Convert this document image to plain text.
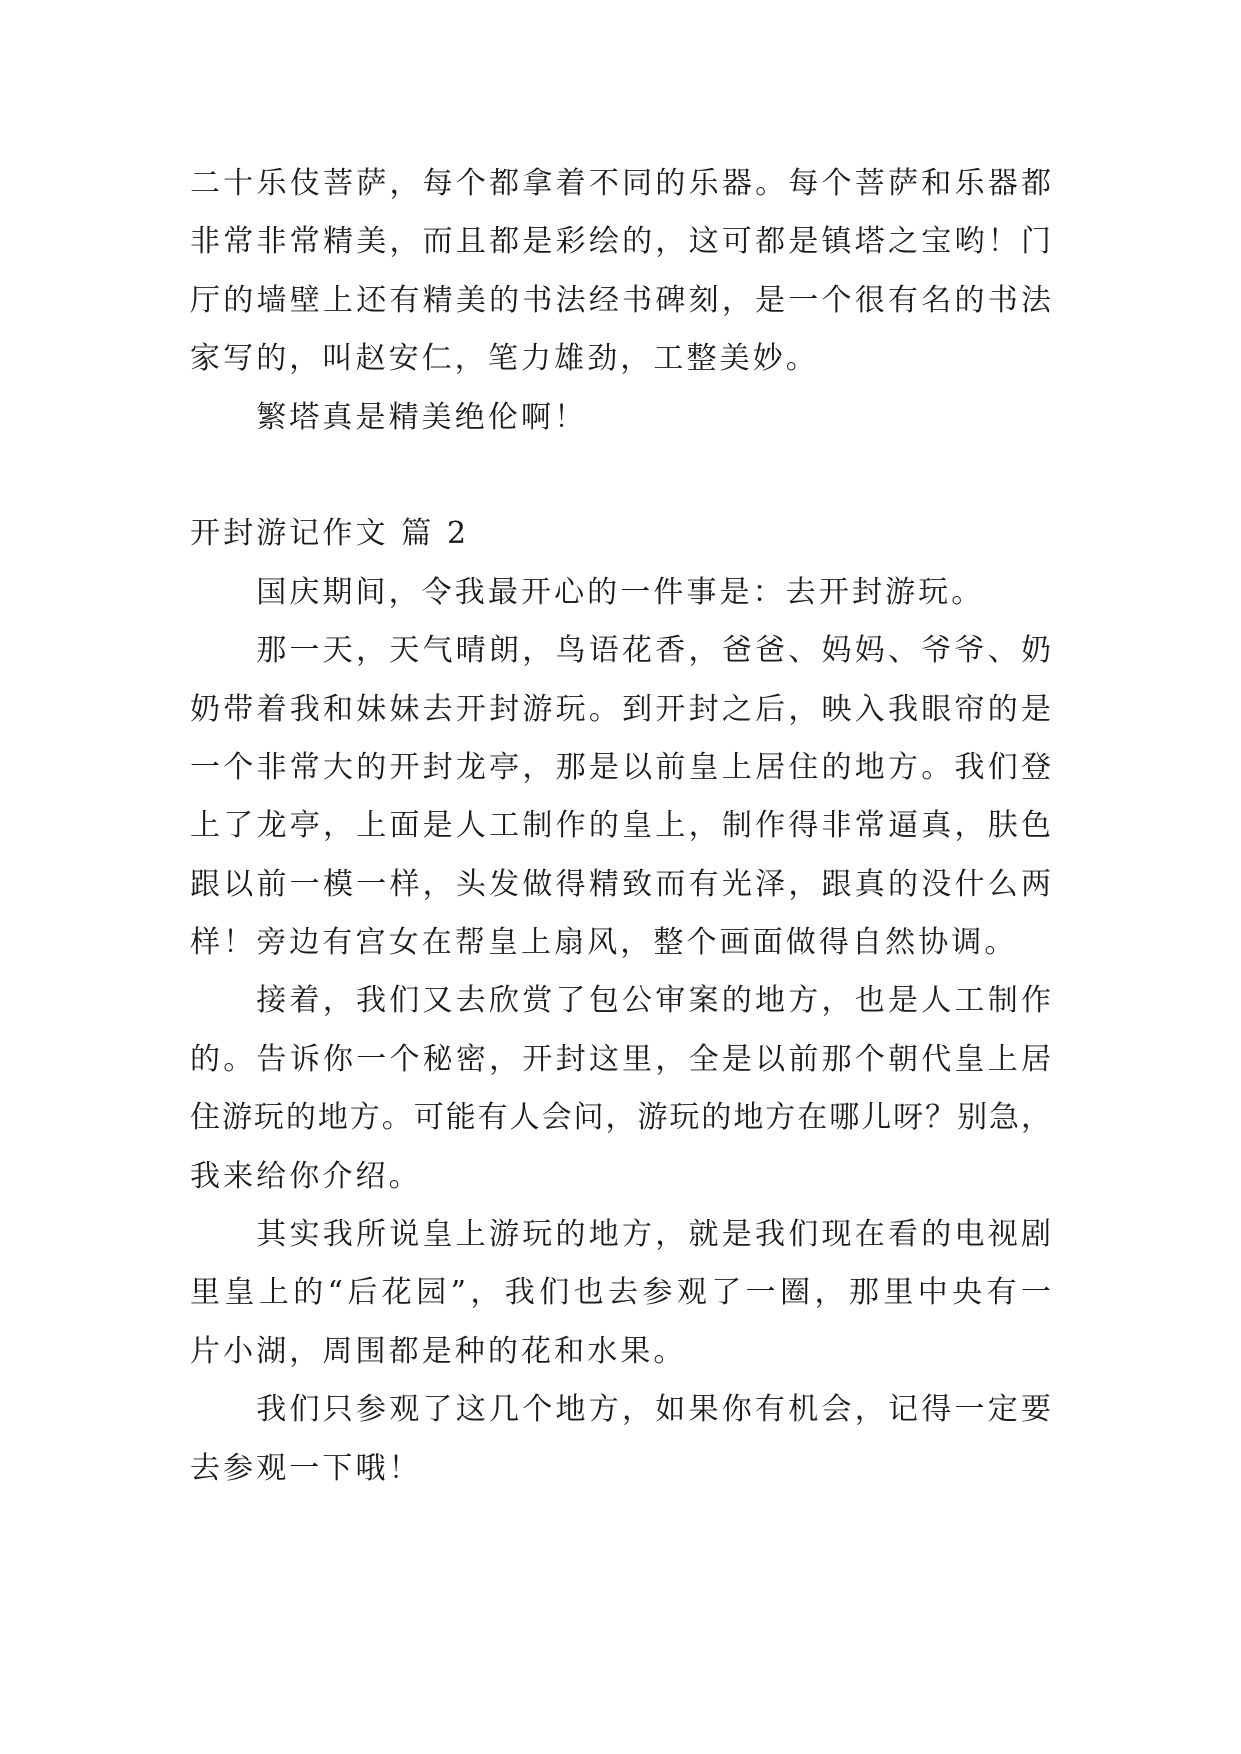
二十乐伎菩萨，每个都拿着不同的乐器。每个菩萨和乐器都
非常非常精美，而且都是彩绘的，这可都是镇塔之宝哟！门
厅的墙壁上还有精美的书法经书碑刻，是一个很有名的书法
家写的，叫赵安仁，笔力雄劲，工整美妙。
繁塔真是精美绝伦啊！
开封游记作文 篇 2
国庆期间，令我最开心的一件事是：去开封游玩。
那一天，天气晴朗，鸟语花香，爸爸、妈妈、爷爷、奶
奶带着我和妹妹去开封游玩。到开封之后，映入我眼帘的是
一个非常大的开封龙亭，那是以前皇上居住的地方。我们登
上了龙亭，上面是人工制作的皇上，制作得非常逼真，肤色
跟以前一模一样，头发做得精致而有光泽，跟真的没什么两
样！旁边有宫女在帮皇上扇风，整个画面做得自然协调。
接着，我们又去欣赏了包公审案的地方，也是人工制作
的。告诉你一个秘密，开封这里，全是以前那个朝代皇上居
住游玩的地方。可能有人会问，游玩的地方在哪儿呀？别急，
我来给你介绍。
其实我所说皇上游玩的地方，就是我们现在看的电视剧
里皇上的“后花园”，我们也去参观了一圈，那里中央有一
片小湖，周围都是种的花和水果。
我们只参观了这几个地方，如果你有机会，记得一定要
去参观一下哦！
